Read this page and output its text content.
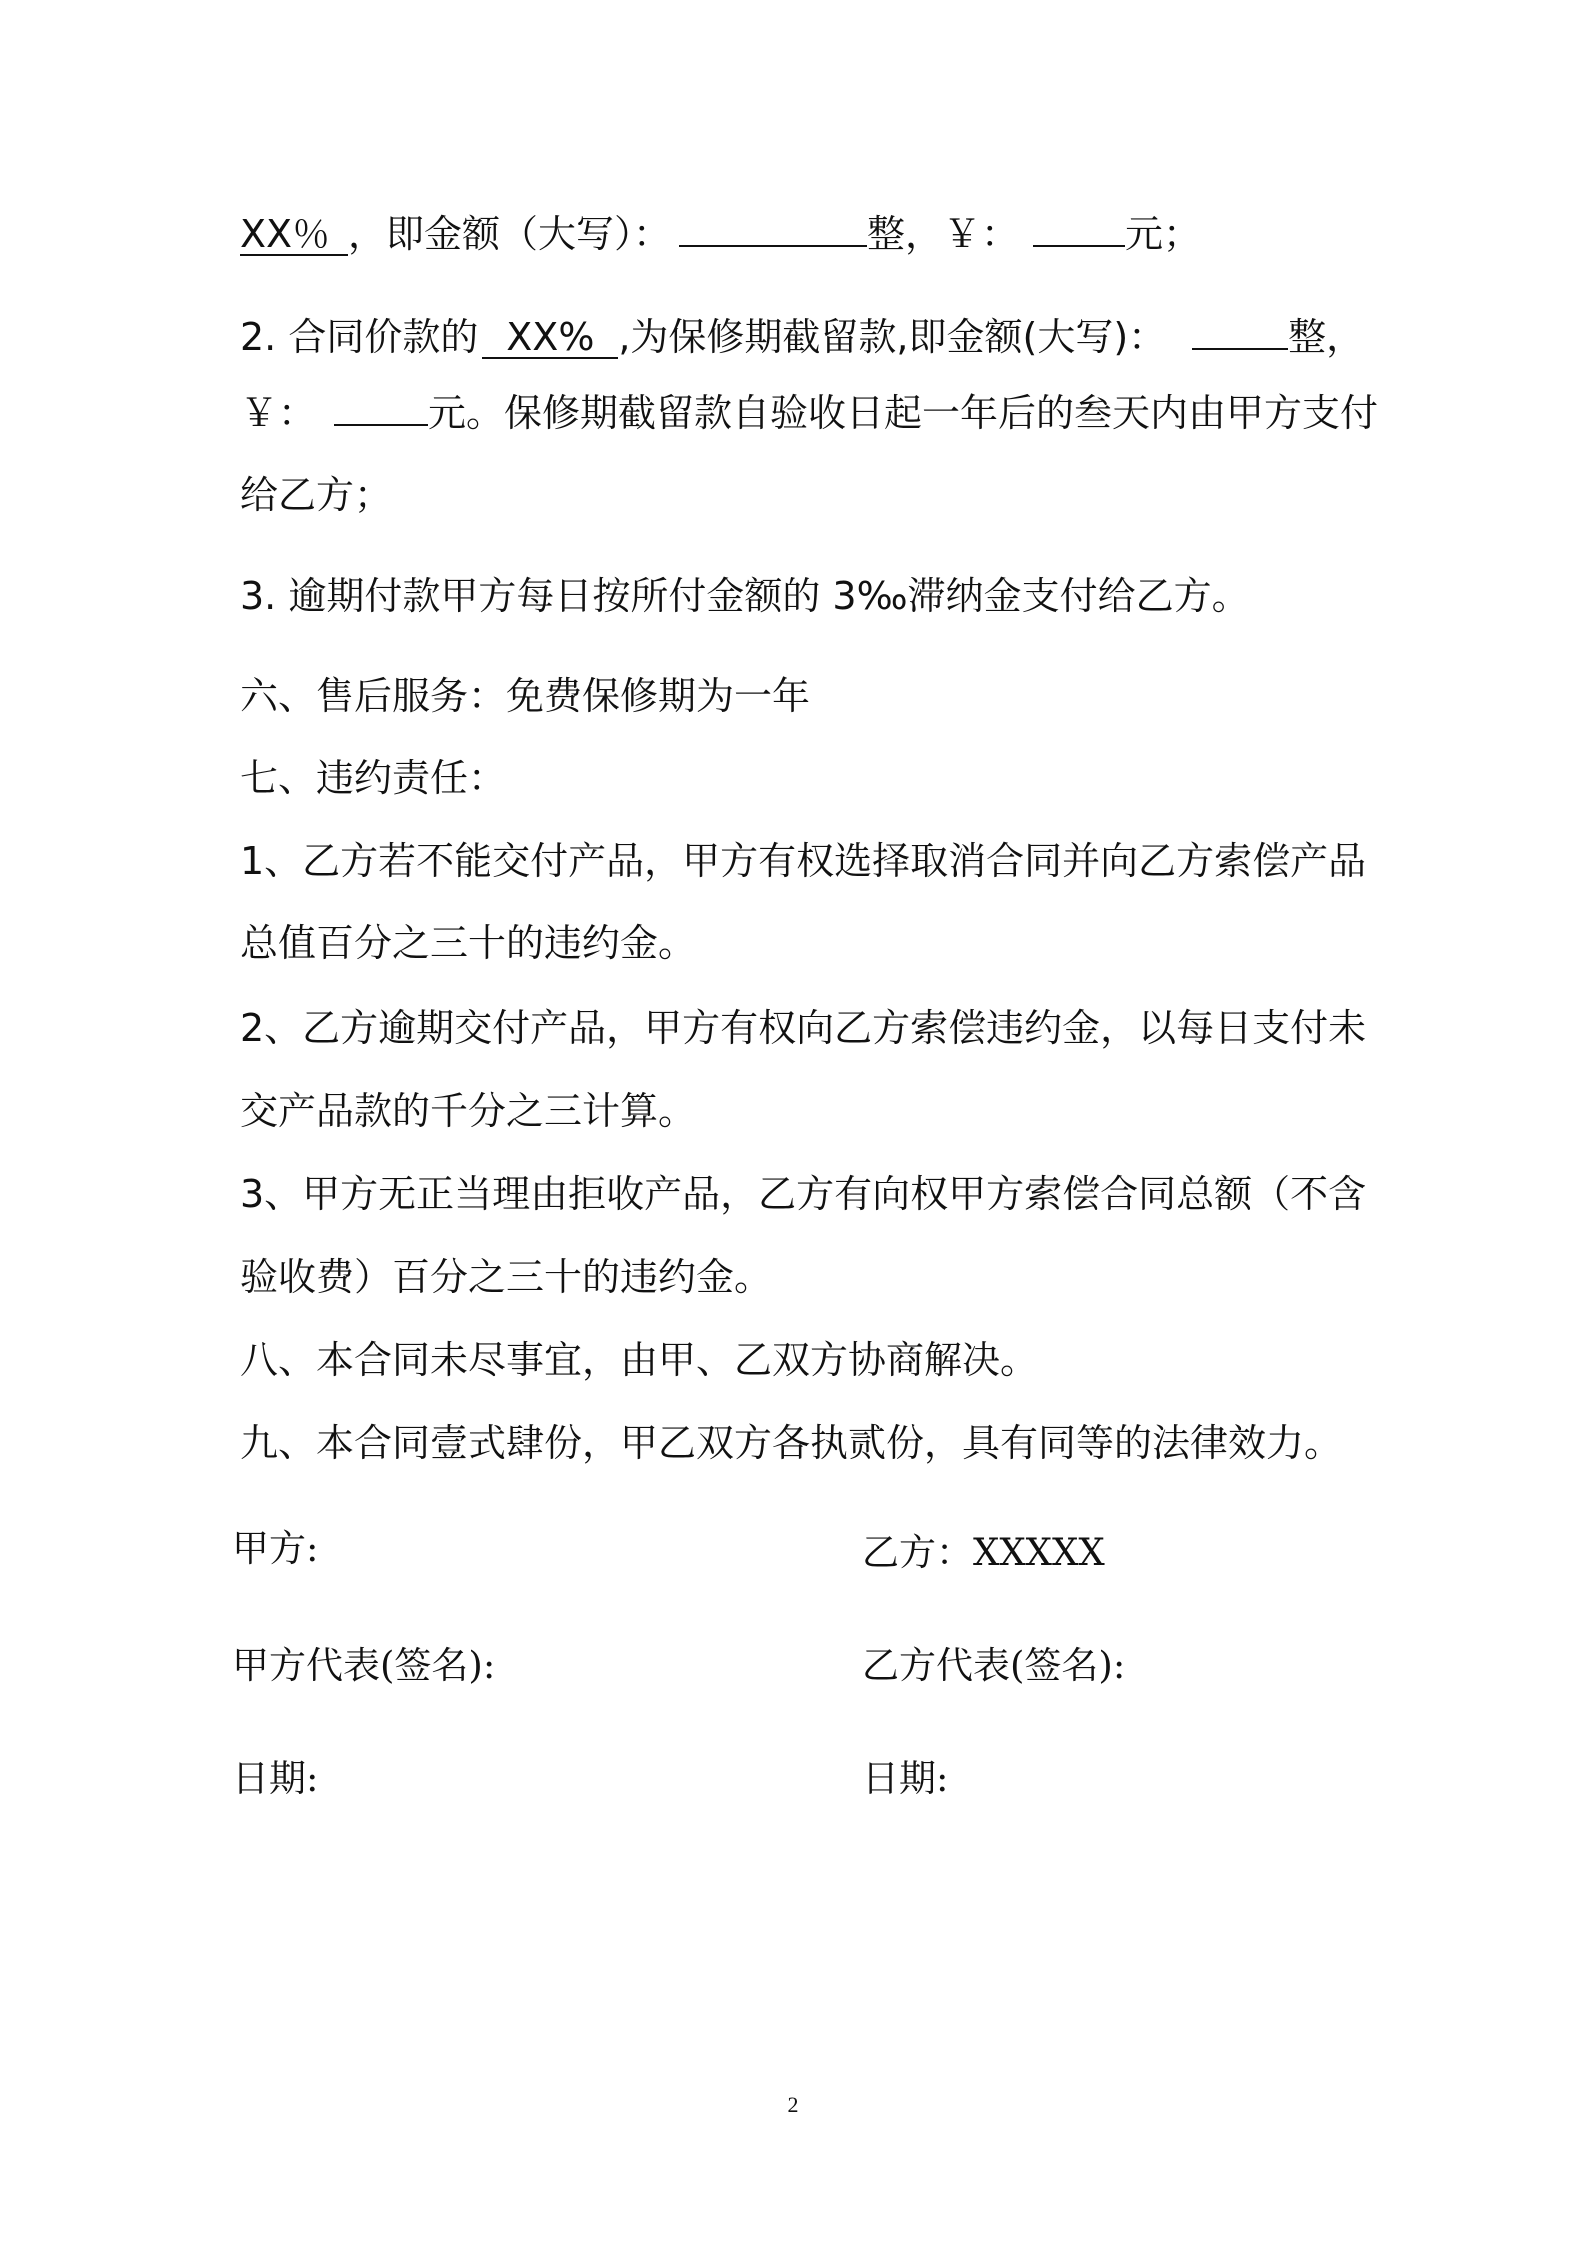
XX％ ，即金额（大写）：	整，￥：	元；
2. 合同价款的 XX% ,为保修期截留款,即金额(大写)：	整，
￥：	元。保修期截留款自验收日起一年后的叁天内由甲方支付
给乙方；
3. 逾期付款甲方每日按所付金额的 3‰滞纳金支付给乙方。
六、售后服务：免费保修期为一年
七、违约责任：
1、乙方若不能交付产品，甲方有权选择取消合同并向乙方索偿产品
总值百分之三十的违约金。
2、乙方逾期交付产品，甲方有权向乙方索偿违约金，以每日支付未
交产品款的千分之三计算。
3、甲方无正当理由拒收产品，乙方有向权甲方索偿合同总额（不含
验收费）百分之三十的违约金。
八、本合同未尽事宜，由甲、乙双方协商解决。
九、本合同壹式肆份，甲乙双方各执贰份，具有同等的法律效力。
甲方:	乙方：XXXXX
甲方代表(签名):	乙方代表(签名):
日期:	日期:
2
